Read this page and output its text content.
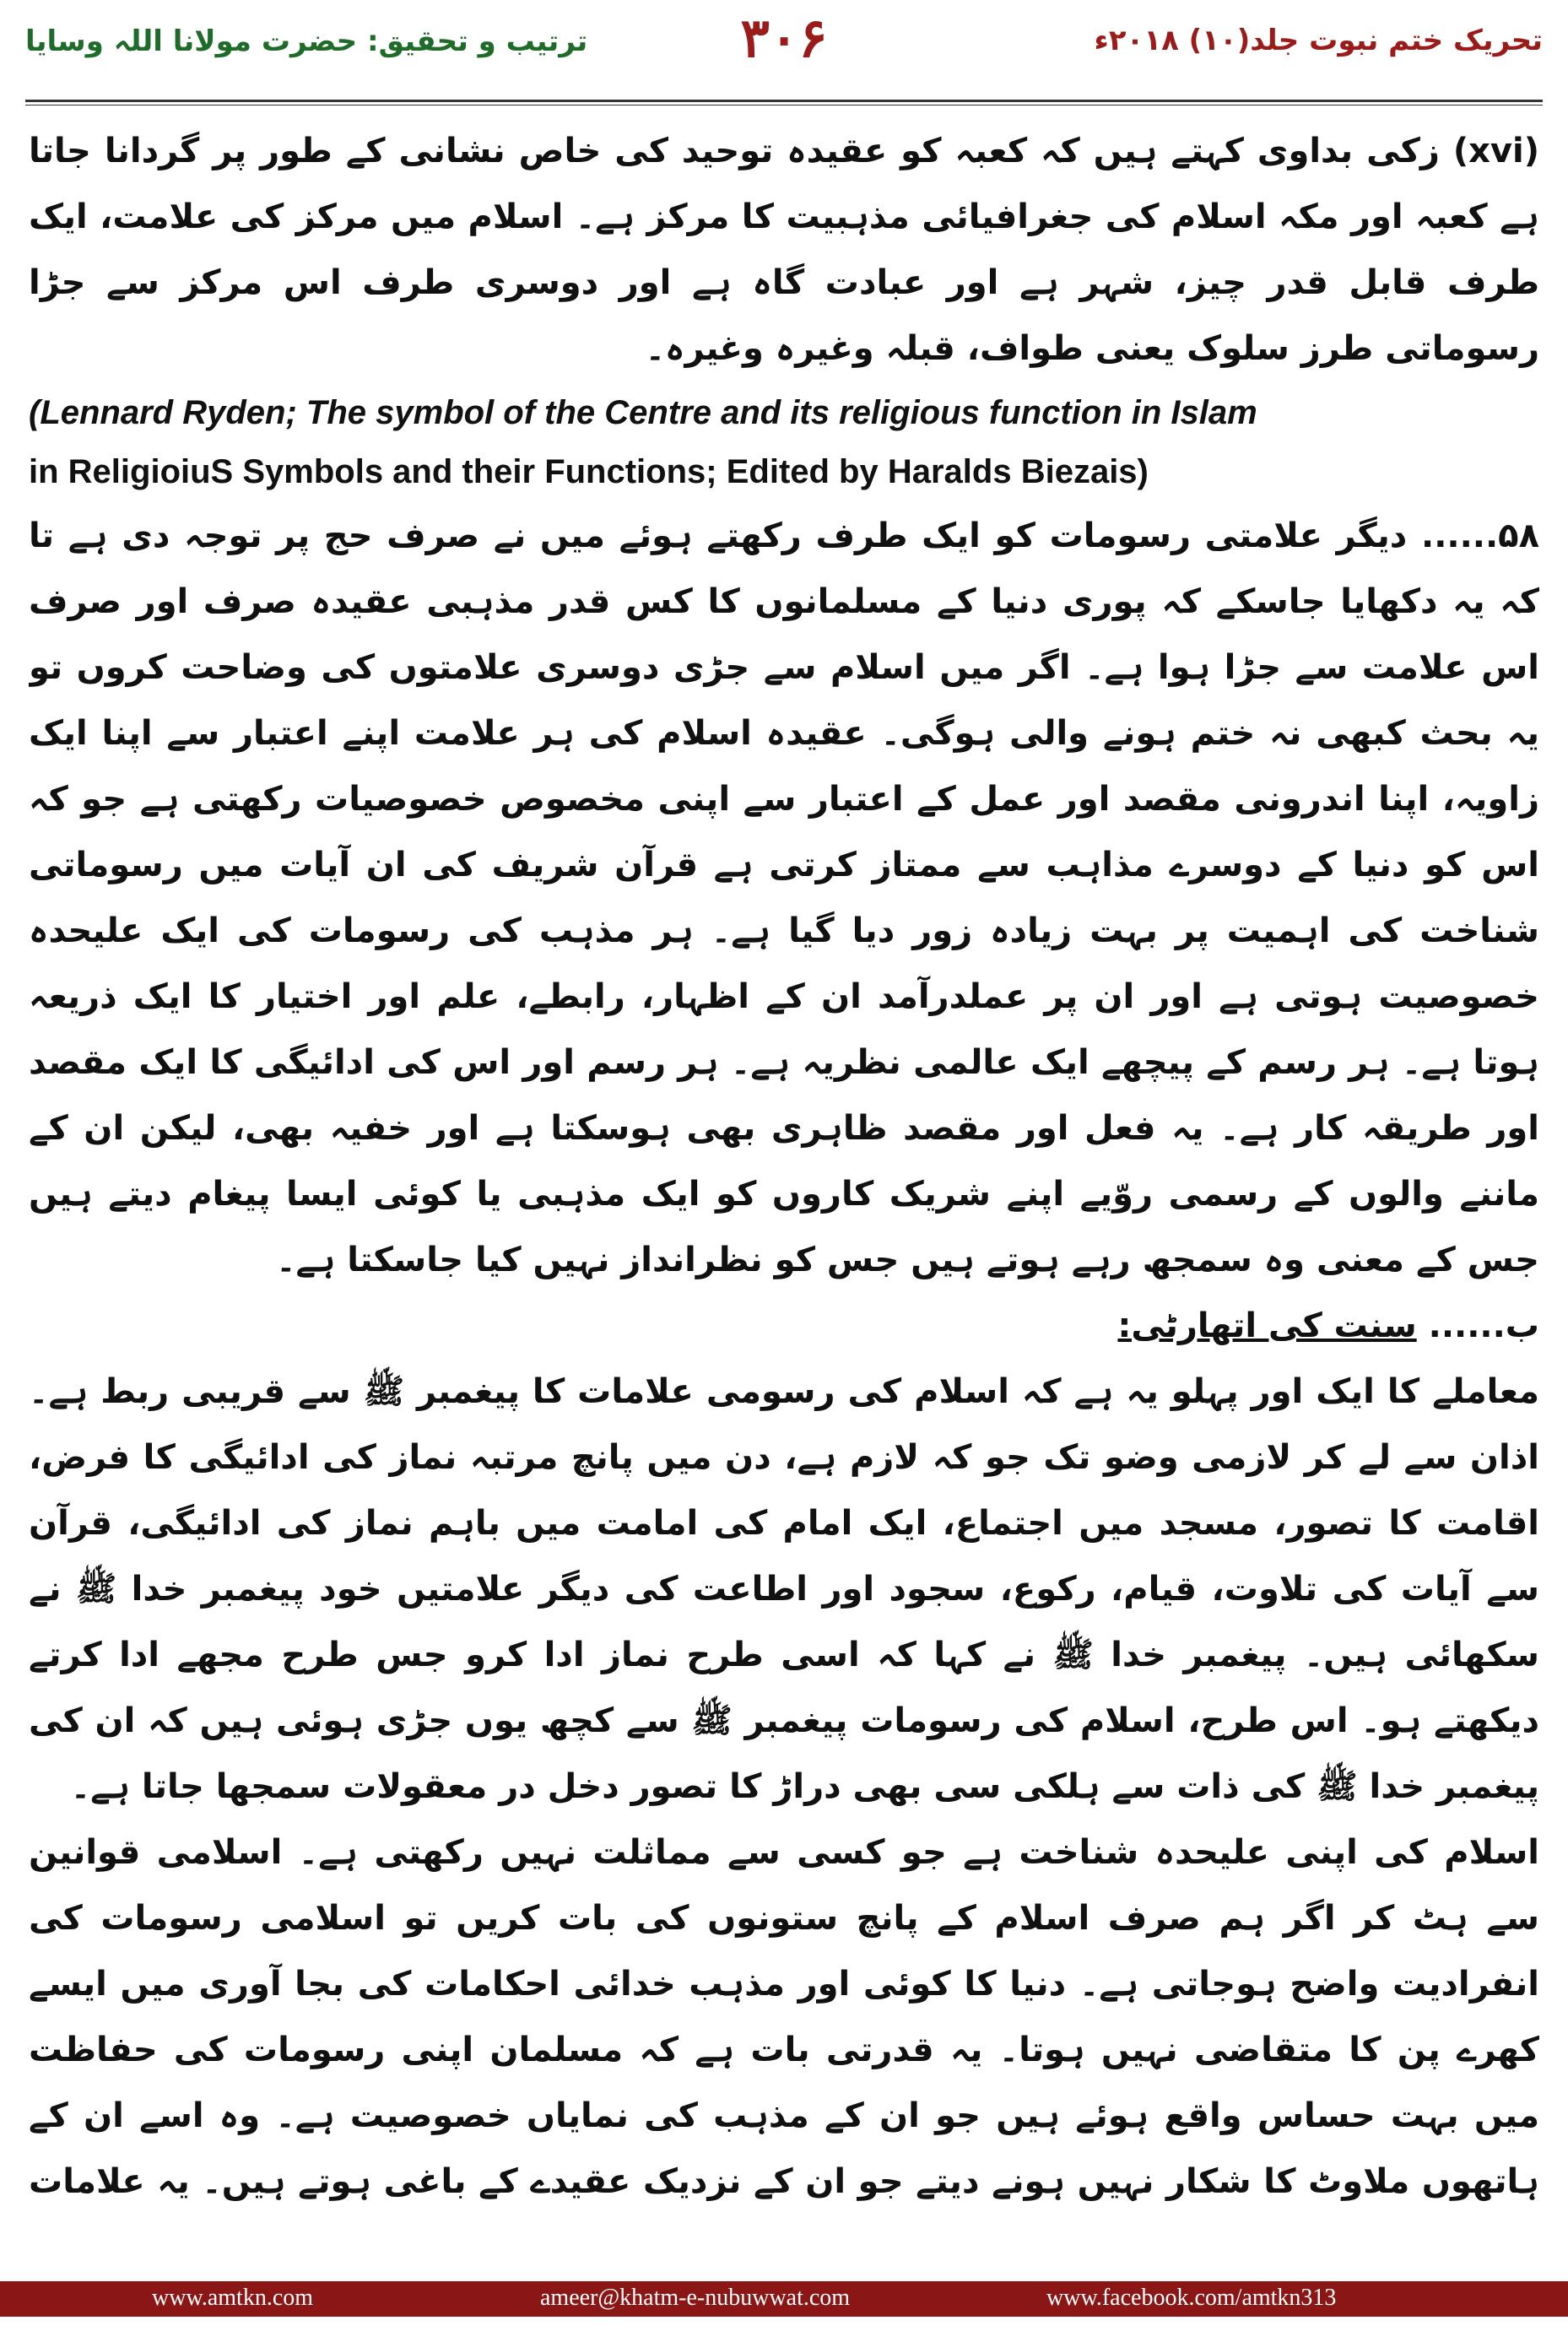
ترتیب و تحقیق: حضرت مولانا اللہ وسایا	۳۰۶	تحریک ختم نبوت جلد(۱۰) ۲۰۱۸ء

(xvi) زکی بداوی کہتے ہیں کہ کعبہ کو عقیدہ توحید کی خاص نشانی کے طور پر گردانا جاتا ہے کعبہ اور مکہ اسلام کی جغرافیائی مذہبیت کا مرکز ہے۔ اسلام میں مرکز کی علامت، ایک طرف قابل قدر چیز، شہر ہے اور عبادت گاہ ہے اور دوسری طرف اس مرکز سے جڑا رسوماتی طرز سلوک یعنی طواف، قبلہ وغیرہ وغیرہ۔

(Lennard Ryden; The symbol of the Centre and its religious function in Islam

in ReligioiuS Symbols and their Functions; Edited by Haralds Biezais)

۵۸...... دیگر علامتی رسومات کو ایک طرف رکھتے ہوئے میں نے صرف حج پر توجہ دی ہے تا کہ یہ دکھایا جاسکے کہ پوری دنیا کے مسلمانوں کا کس قدر مذہبی عقیدہ صرف اور صرف اس علامت سے جڑا ہوا ہے۔ اگر میں اسلام سے جڑی دوسری علامتوں کی وضاحت کروں تو یہ بحث کبھی نہ ختم ہونے والی ہوگی۔ عقیدہ اسلام کی ہر علامت اپنے اعتبار سے اپنا ایک زاویہ، اپنا اندرونی مقصد اور عمل کے اعتبار سے اپنی مخصوص خصوصیات رکھتی ہے جو کہ اس کو دنیا کے دوسرے مذاہب سے ممتاز کرتی ہے قرآن شریف کی ان آیات میں رسوماتی شناخت کی اہمیت پر بہت زیادہ زور دیا گیا ہے۔ ہر مذہب کی رسومات کی ایک علیحدہ خصوصیت ہوتی ہے اور ان پر عملدرآمد ان کے اظہار، رابطے، علم اور اختیار کا ایک ذریعہ ہوتا ہے۔ ہر رسم کے پیچھے ایک عالمی نظریہ ہے۔ ہر رسم اور اس کی ادائیگی کا ایک مقصد اور طریقہ کار ہے۔ یہ فعل اور مقصد ظاہری بھی ہوسکتا ہے اور خفیہ بھی، لیکن ان کے ماننے والوں کے رسمی روّیے اپنے شریک کاروں کو ایک مذہبی یا کوئی ایسا پیغام دیتے ہیں جس کے معنی وہ سمجھ رہے ہوتے ہیں جس کو نظرانداز نہیں کیا جاسکتا ہے۔

ب...... سنت کی اتھارٹی:

معاملے کا ایک اور پہلو یہ ہے کہ اسلام کی رسومی علامات کا پیغمبر ﷺ سے قریبی ربط ہے۔ اذان سے لے کر لازمی وضو تک جو کہ لازم ہے، دن میں پانچ مرتبہ نماز کی ادائیگی کا فرض، اقامت کا تصور، مسجد میں اجتماع، ایک امام کی امامت میں باہم نماز کی ادائیگی، قرآن سے آیات کی تلاوت، قیام، رکوع، سجود اور اطاعت کی دیگر علامتیں خود پیغمبر خدا ﷺ نے سکھائی ہیں۔ پیغمبر خدا ﷺ نے کہا کہ اسی طرح نماز ادا کرو جس طرح مجھے ادا کرتے دیکھتے ہو۔ اس طرح، اسلام کی رسومات پیغمبر ﷺ سے کچھ یوں جڑی ہوئی ہیں کہ ان کی پیغمبر خدا ﷺ کی ذات سے ہلکی سی بھی دراڑ کا تصور دخل در معقولات سمجھا جاتا ہے۔

اسلام کی اپنی علیحدہ شناخت ہے جو کسی سے مماثلت نہیں رکھتی ہے۔ اسلامی قوانین سے ہٹ کر اگر ہم صرف اسلام کے پانچ ستونوں کی بات کریں تو اسلامی رسومات کی انفرادیت واضح ہوجاتی ہے۔ دنیا کا کوئی اور مذہب خدائی احکامات کی بجا آوری میں ایسے کھرے پن کا متقاضی نہیں ہوتا۔ یہ قدرتی بات ہے کہ مسلمان اپنی رسومات کی حفاظت میں بہت حساس واقع ہوئے ہیں جو ان کے مذہب کی نمایاں خصوصیت ہے۔ وہ اسے ان کے ہاتھوں ملاوٹ کا شکار نہیں ہونے دیتے جو ان کے نزدیک عقیدے کے باغی ہوتے ہیں۔ یہ علامات

www.amtkn.com	ameer@khatm-e-nubuwwat.com	www.facebook.com/amtkn313
